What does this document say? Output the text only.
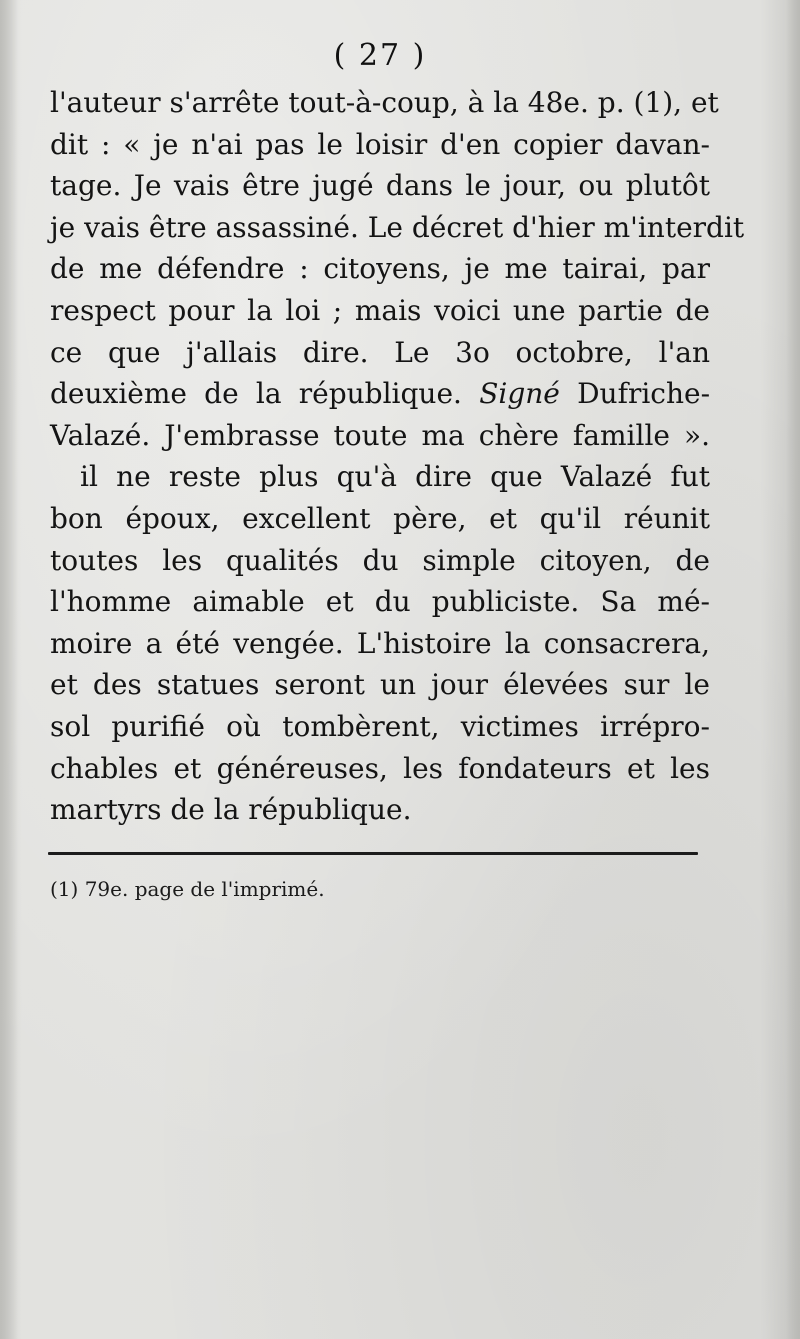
( 27 )
l'auteur s'arrête tout-à-coup, à la 48e. p. (1), et
dit : « je n'ai pas le loisir d'en copier davan-
tage. Je vais être jugé dans le jour, ou plutôt
je vais être assassiné. Le décret d'hier m'interdit
de me défendre : citoyens, je me tairai, par
respect pour la loi ; mais voici une partie de
ce que j'allais dire. Le 3o octobre, l'an
deuxième de la république. Signé Dufriche-
Valazé. J'embrasse toute ma chère famille ».
il ne reste plus qu'à dire que Valazé fut
bon époux, excellent père, et qu'il réunit
toutes les qualités du simple citoyen, de
l'homme aimable et du publiciste. Sa mé-
moire a été vengée. L'histoire la consacrera,
et des statues seront un jour élevées sur le
sol purifié où tombèrent, victimes irrépro-
chables et généreuses, les fondateurs et les
martyrs de la république.
(1) 79e. page de l'imprimé.
